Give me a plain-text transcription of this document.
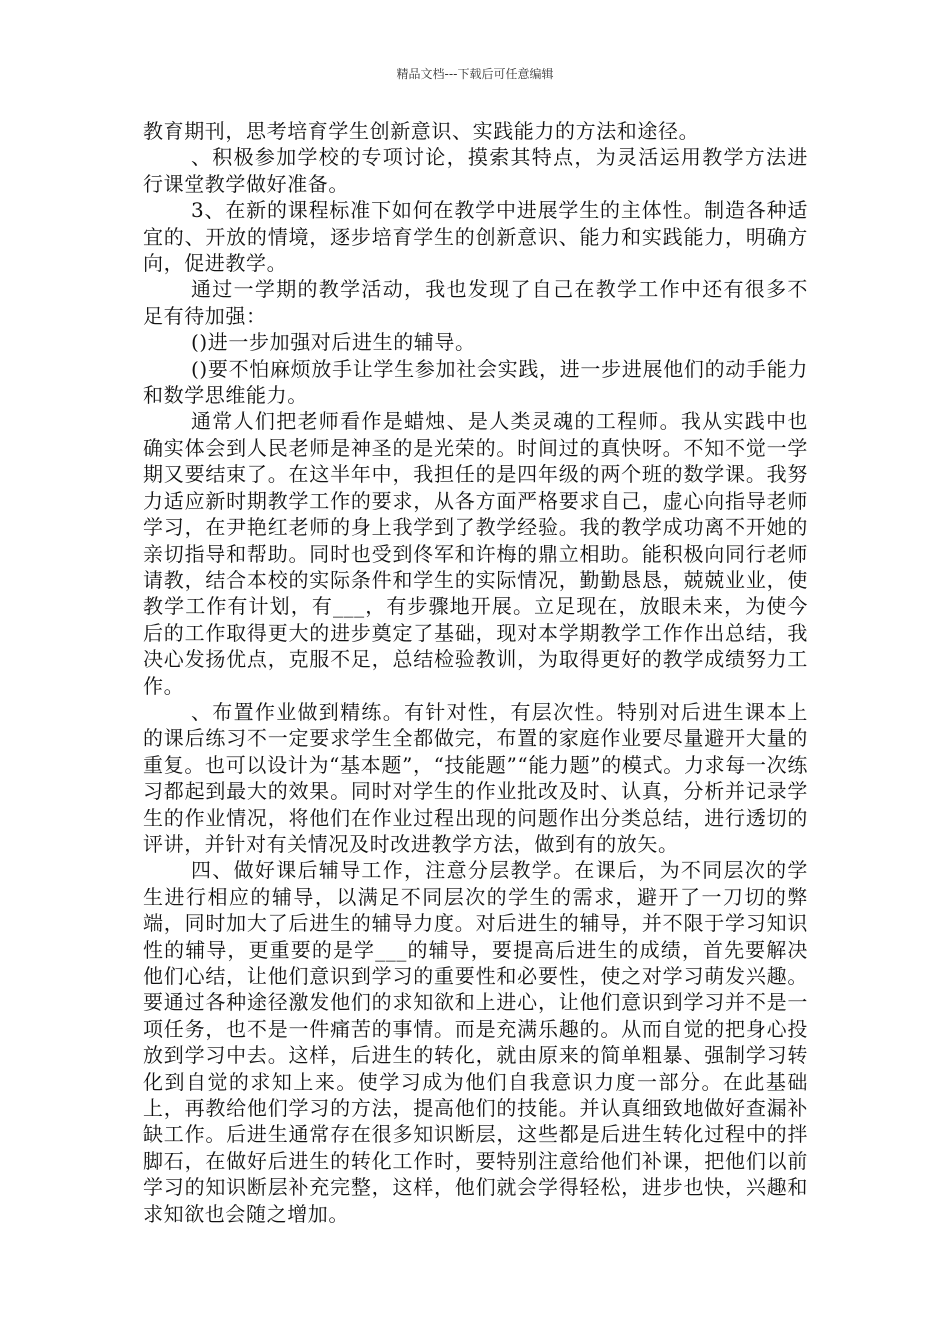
精品文档---下载后可任意编辑

教育期刊，思考培育学生创新意识、实践能力的方法和途径。

、积极参加学校的专项讨论，摸索其特点，为灵活运用教学方法进行课堂教学做好准备。

3、在新的课程标准下如何在教学中进展学生的主体性。制造各种适宜的、开放的情境，逐步培育学生的创新意识、能力和实践能力，明确方向，促进教学。

通过一学期的教学活动，我也发现了自己在教学工作中还有很多不足有待加强：

()进一步加强对后进生的辅导。

()要不怕麻烦放手让学生参加社会实践，进一步进展他们的动手能力和数学思维能力。

通常人们把老师看作是蜡烛、是人类灵魂的工程师。我从实践中也确实体会到人民老师是神圣的是光荣的。时间过的真快呀。不知不觉一学期又要结束了。在这半年中，我担任的是四年级的两个班的数学课。我努力适应新时期教学工作的要求，从各方面严格要求自己，虚心向指导老师学习，在尹艳红老师的身上我学到了教学经验。我的教学成功离不开她的亲切指导和帮助。同时也受到佟军和许梅的鼎立相助。能积极向同行老师请教，结合本校的实际条件和学生的实际情况，勤勤恳恳，兢兢业业，使教学工作有计划，有___，有步骤地开展。立足现在，放眼未来，为使今后的工作取得更大的进步奠定了基础，现对本学期教学工作作出总结，我决心发扬优点，克服不足，总结检验教训，为取得更好的教学成绩努力工作。

、布置作业做到精练。有针对性，有层次性。特别对后进生课本上的课后练习不一定要求学生全都做完，布置的家庭作业要尽量避开大量的重复。也可以设计为“基本题”，“技能题”“能力题”的模式。力求每一次练习都起到最大的效果。同时对学生的作业批改及时、认真，分析并记录学生的作业情况，将他们在作业过程出现的问题作出分类总结，进行透切的评讲，并针对有关情况及时改进教学方法，做到有的放矢。

四、做好课后辅导工作，注意分层教学。在课后，为不同层次的学生进行相应的辅导，以满足不同层次的学生的需求，避开了一刀切的弊端，同时加大了后进生的辅导力度。对后进生的辅导，并不限于学习知识性的辅导，更重要的是学___的辅导，要提高后进生的成绩，首先要解决他们心结，让他们意识到学习的重要性和必要性，使之对学习萌发兴趣。要通过各种途径激发他们的求知欲和上进心，让他们意识到学习并不是一项任务，也不是一件痛苦的事情。而是充满乐趣的。从而自觉的把身心投放到学习中去。这样，后进生的转化，就由原来的简单粗暴、强制学习转化到自觉的求知上来。使学习成为他们自我意识力度一部分。在此基础上，再教给他们学习的方法，提高他们的技能。并认真细致地做好查漏补缺工作。后进生通常存在很多知识断层，这些都是后进生转化过程中的拌脚石，在做好后进生的转化工作时，要特别注意给他们补课，把他们以前学习的知识断层补充完整，这样，他们就会学得轻松，进步也快，兴趣和求知欲也会随之增加。
